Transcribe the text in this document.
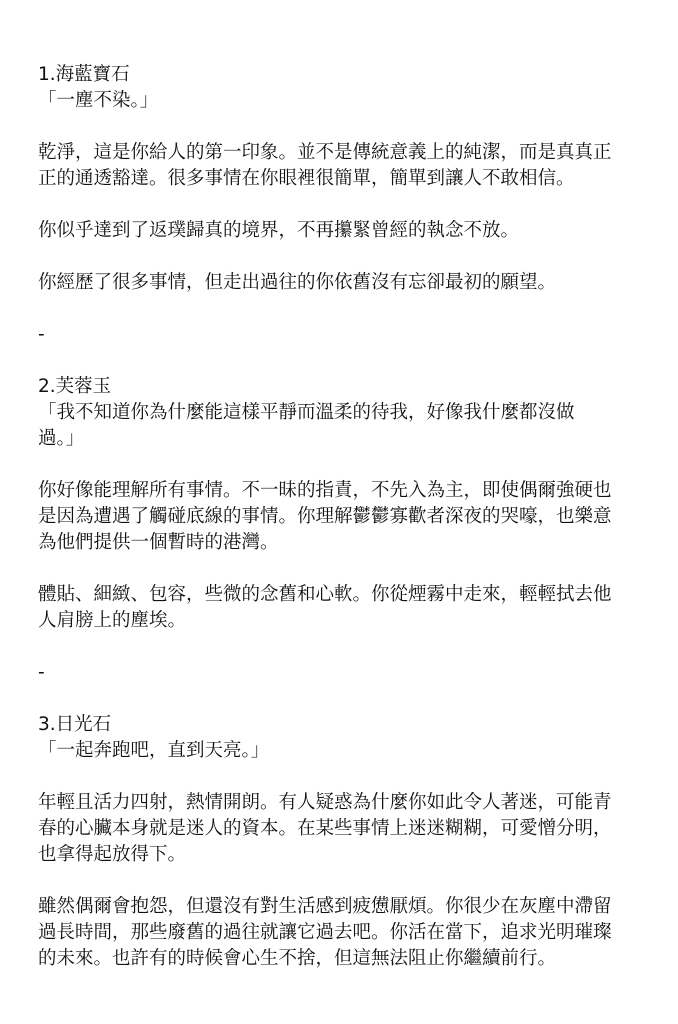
1.海藍寶石
「一塵不染。」
乾淨，這是你給人的第一印象。並不是傳統意義上的純潔，而是真真正
正的通透豁達。很多事情在你眼裡很簡單，簡單到讓人不敢相信。
你似乎達到了返璞歸真的境界，不再攥緊曾經的執念不放。
你經歷了很多事情，但走出過往的你依舊沒有忘卻最初的願望。
-
2.芙蓉玉
「我不知道你為什麼能這樣平靜而溫柔的待我，好像我什麼都沒做
過。」
你好像能理解所有事情。不一昧的指責，不先入為主，即使偶爾強硬也
是因為遭遇了觸碰底線的事情。你理解鬱鬱寡歡者深夜的哭嚎，也樂意
為他們提供一個暫時的港灣。
體貼、細緻、包容，些微的念舊和心軟。你從煙霧中走來，輕輕拭去他
人肩膀上的塵埃。
-
3.日光石
「一起奔跑吧，直到天亮。」
年輕且活力四射，熱情開朗。有人疑惑為什麼你如此令人著迷，可能青
春的心臟本身就是迷人的資本。在某些事情上迷迷糊糊，可愛憎分明，
也拿得起放得下。
雖然偶爾會抱怨，但還沒有對生活感到疲憊厭煩。你很少在灰塵中滯留
過長時間，那些廢舊的過往就讓它過去吧。你活在當下，追求光明璀璨
的未來。也許有的時候會心生不捨，但這無法阻止你繼續前行。
